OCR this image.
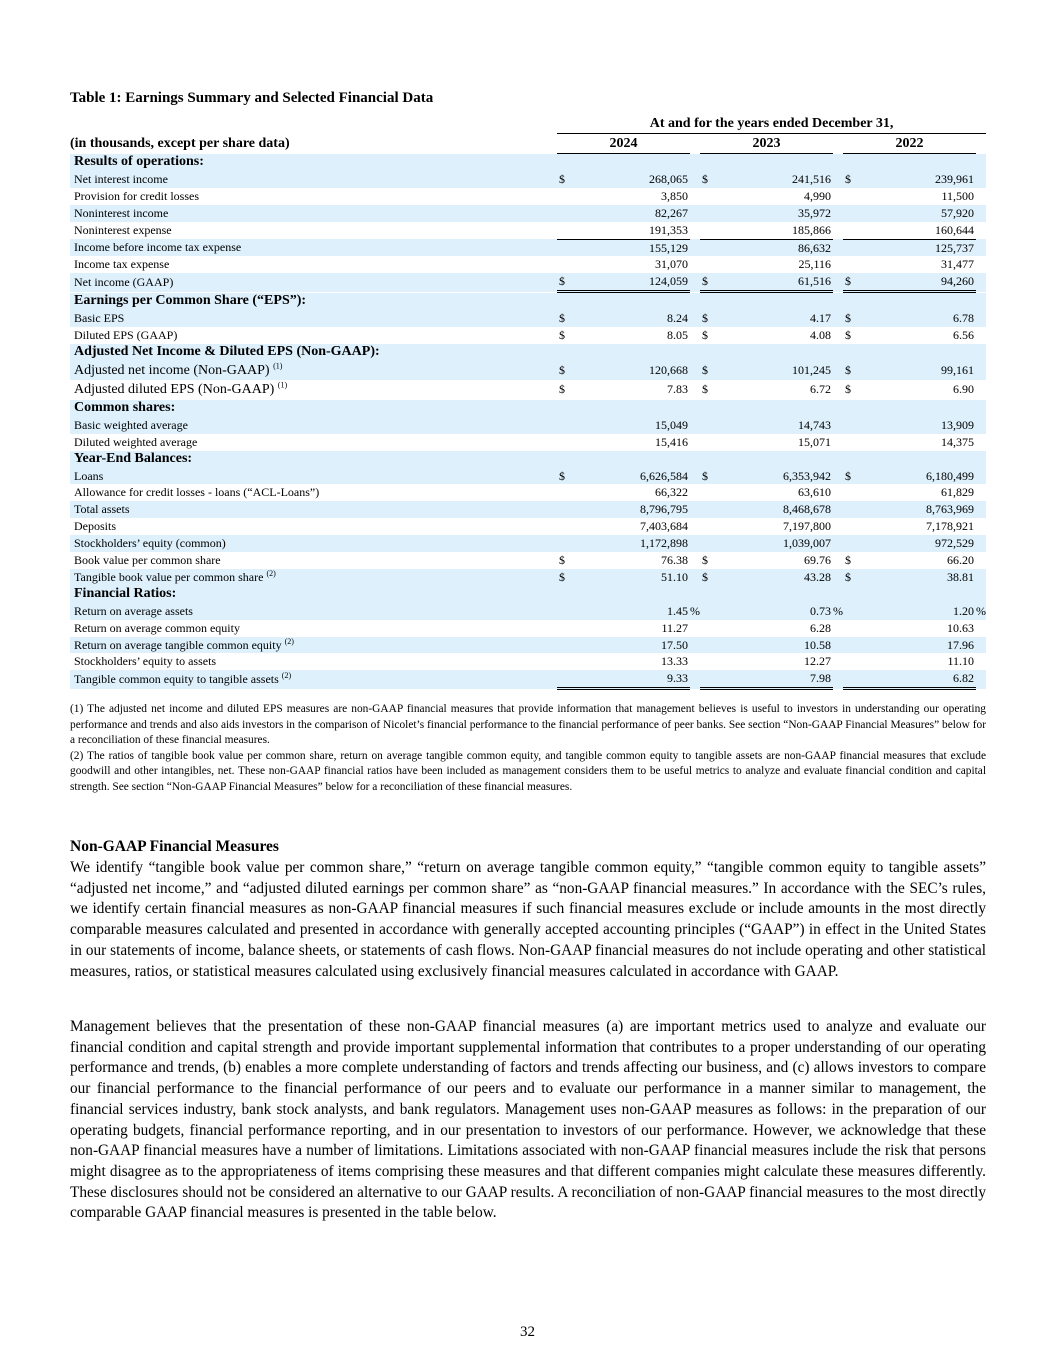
Table 1: Earnings Summary and Selected Financial Data
	At and for the years ended December 31,								
(in thousands, except per share data)	2024			2023			2022		
Results of operations:									
Net interest income	$	268,065		$	241,516		$	239,961	
Provision for credit losses		3,850			4,990			11,500	
Noninterest income		82,267			35,972			57,920	
Noninterest expense		191,353			185,866			160,644	
Income before income tax expense		155,129			86,632			125,737	
Income tax expense		31,070			25,116			31,477	
Net income (GAAP)	$	124,059		$	61,516		$	94,260	
Earnings per Common Share (“EPS”):									
Basic EPS	$	8.24		$	4.17		$	6.78	
Diluted EPS (GAAP)	$	8.05		$	4.08		$	6.56	
Adjusted Net Income & Diluted EPS (Non-GAAP):									
Adjusted net income (Non-GAAP) $^{(1)}$	$	120,668		$	101,245		$	99,161	
Adjusted diluted EPS (Non-GAAP) $^{(1)}$	$	7.83		$	6.72		$	6.90	
Common shares:									
Basic weighted average		15,049			14,743			13,909	
Diluted weighted average		15,416			15,071			14,375	
Year-End Balances:									
Loans	$	6,626,584		$	6,353,942		$	6,180,499	
Allowance for credit losses - loans (“ACL-Loans”)		66,322			63,610			61,829	
Total assets		8,796,795			8,468,678			8,763,969	
Deposits		7,403,684			7,197,800			7,178,921	
Stockholders’ equity (common)		1,172,898			1,039,007			972,529	
Book value per common share	$	76.38		$	69.76		$	66.20	
Tangible book value per common share $^{(2)}$	$	51.10		$	43.28		$	38.81	
Financial Ratios:									
Return on average assets		1.45	%		0.73	%		1.20	%
Return on average common equity		11.27			6.28			10.63	
Return on average tangible common equity $^{(2)}$		17.50			10.58			17.96	
Stockholders’ equity to assets		13.33			12.27			11.10	
Tangible common equity to tangible assets $^{(2)}$		9.33			7.98			6.82	

(1) The adjusted net income and diluted EPS measures are non-GAAP financial measures that provide information that management believes is useful to investors in understanding our operating performance and trends and also aids investors in the comparison of Nicolet’s financial performance to the financial performance of peer banks. See section “Non-GAAP Financial Measures” below for a reconciliation of these financial measures.

(2) The ratios of tangible book value per common share, return on average tangible common equity, and tangible common equity to tangible assets are non-GAAP financial measures that exclude goodwill and other intangibles, net. These non-GAAP financial ratios have been included as management considers them to be useful metrics to analyze and evaluate financial condition and capital strength. See section “Non-GAAP Financial Measures” below for a reconciliation of these financial measures.

Non-GAAP Financial Measures

We identify “tangible book value per common share,” “return on average tangible common equity,” “tangible common equity to tangible assets” “adjusted net income,” and “adjusted diluted earnings per common share” as “non-GAAP financial measures.” In accordance with the SEC’s rules, we identify certain financial measures as non-GAAP financial measures if such financial measures exclude or include amounts in the most directly comparable measures calculated and presented in accordance with generally accepted accounting principles (“GAAP”) in effect in the United States in our statements of income, balance sheets, or statements of cash flows. Non-GAAP financial measures do not include operating and other statistical measures, ratios, or statistical measures calculated using exclusively financial measures calculated in accordance with GAAP.

Management believes that the presentation of these non-GAAP financial measures (a) are important metrics used to analyze and evaluate our financial condition and capital strength and provide important supplemental information that contributes to a proper understanding of our operating performance and trends, (b) enables a more complete understanding of factors and trends affecting our business, and (c) allows investors to compare our financial performance to the financial performance of our peers and to evaluate our performance in a manner similar to management, the financial services industry, bank stock analysts, and bank regulators. Management uses non-GAAP measures as follows: in the preparation of our operating budgets, financial performance reporting, and in our presentation to investors of our performance. However, we acknowledge that these non-GAAP financial measures have a number of limitations. Limitations associated with non-GAAP financial measures include the risk that persons might disagree as to the appropriateness of items comprising these measures and that different companies might calculate these measures differently. These disclosures should not be considered an alternative to our GAAP results. A reconciliation of non-GAAP financial measures to the most directly comparable GAAP financial measures is presented in the table below.

32
